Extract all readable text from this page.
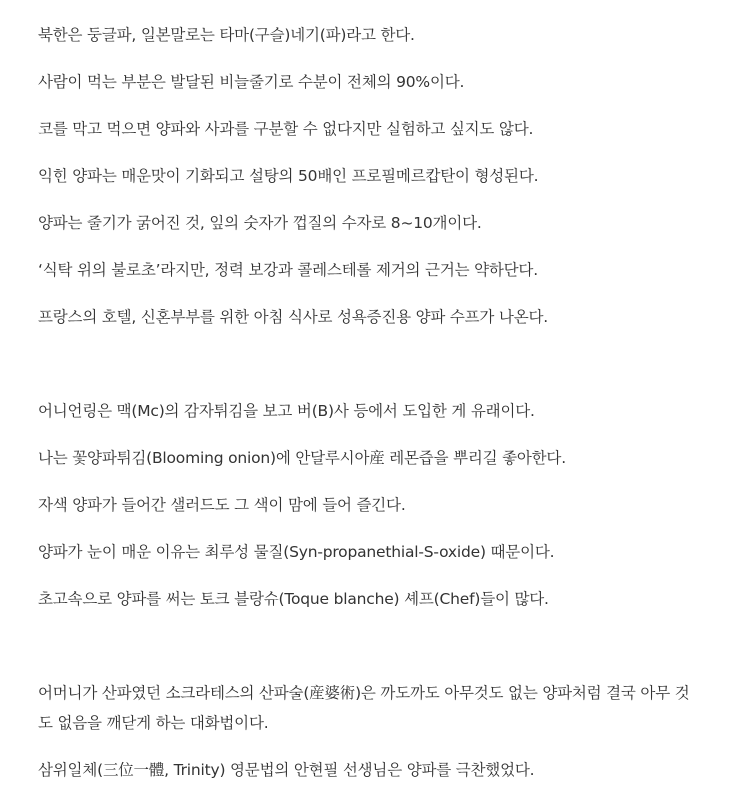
북한은 둥글파, 일본말로는 타마(구슬)네기(파)라고 한다.

사람이 먹는 부분은 발달된 비늘줄기로 수분이 전체의 90%이다.

코를 막고 먹으면 양파와 사과를 구분할 수 없다지만 실험하고 싶지도 않다.

익힌 양파는 매운맛이 기화되고 설탕의 50배인 프로필메르캅탄이 형성된다.

양파는 줄기가 굵어진 것, 잎의 숫자가 껍질의 수자로 8~10개이다.

‘식탁 위의 불로초’라지만, 정력 보강과 콜레스테롤 제거의 근거는 약하단다.

프랑스의 호텔, 신혼부부를 위한 아침 식사로 성욕증진용 양파 수프가 나온다.

어니언링은 맥(Mc)의 감자튀김을 보고 버(B)사 등에서 도입한 게 유래이다.

나는 꽃양파튀김(Blooming onion)에 안달루시아産 레몬즙을 뿌리길 좋아한다.

자색 양파가 들어간 샐러드도 그 색이 맘에 들어 즐긴다.

양파가 눈이 매운 이유는 최루성 물질(Syn-propanethial-S-oxide) 때문이다.

초고속으로 양파를 써는 토크 블랑슈(Toque blanche) 셰프(Chef)들이 많다.

어머니가 산파였던 소크라테스의 산파술(産婆術)은 까도까도 아무것도 없는 양파처럼 결국 아무 것도 없음을 깨닫게 하는 대화법이다.

삼위일체(三位一體, Trinity) 영문법의 안현필 선생님은 양파를 극찬했었다.
